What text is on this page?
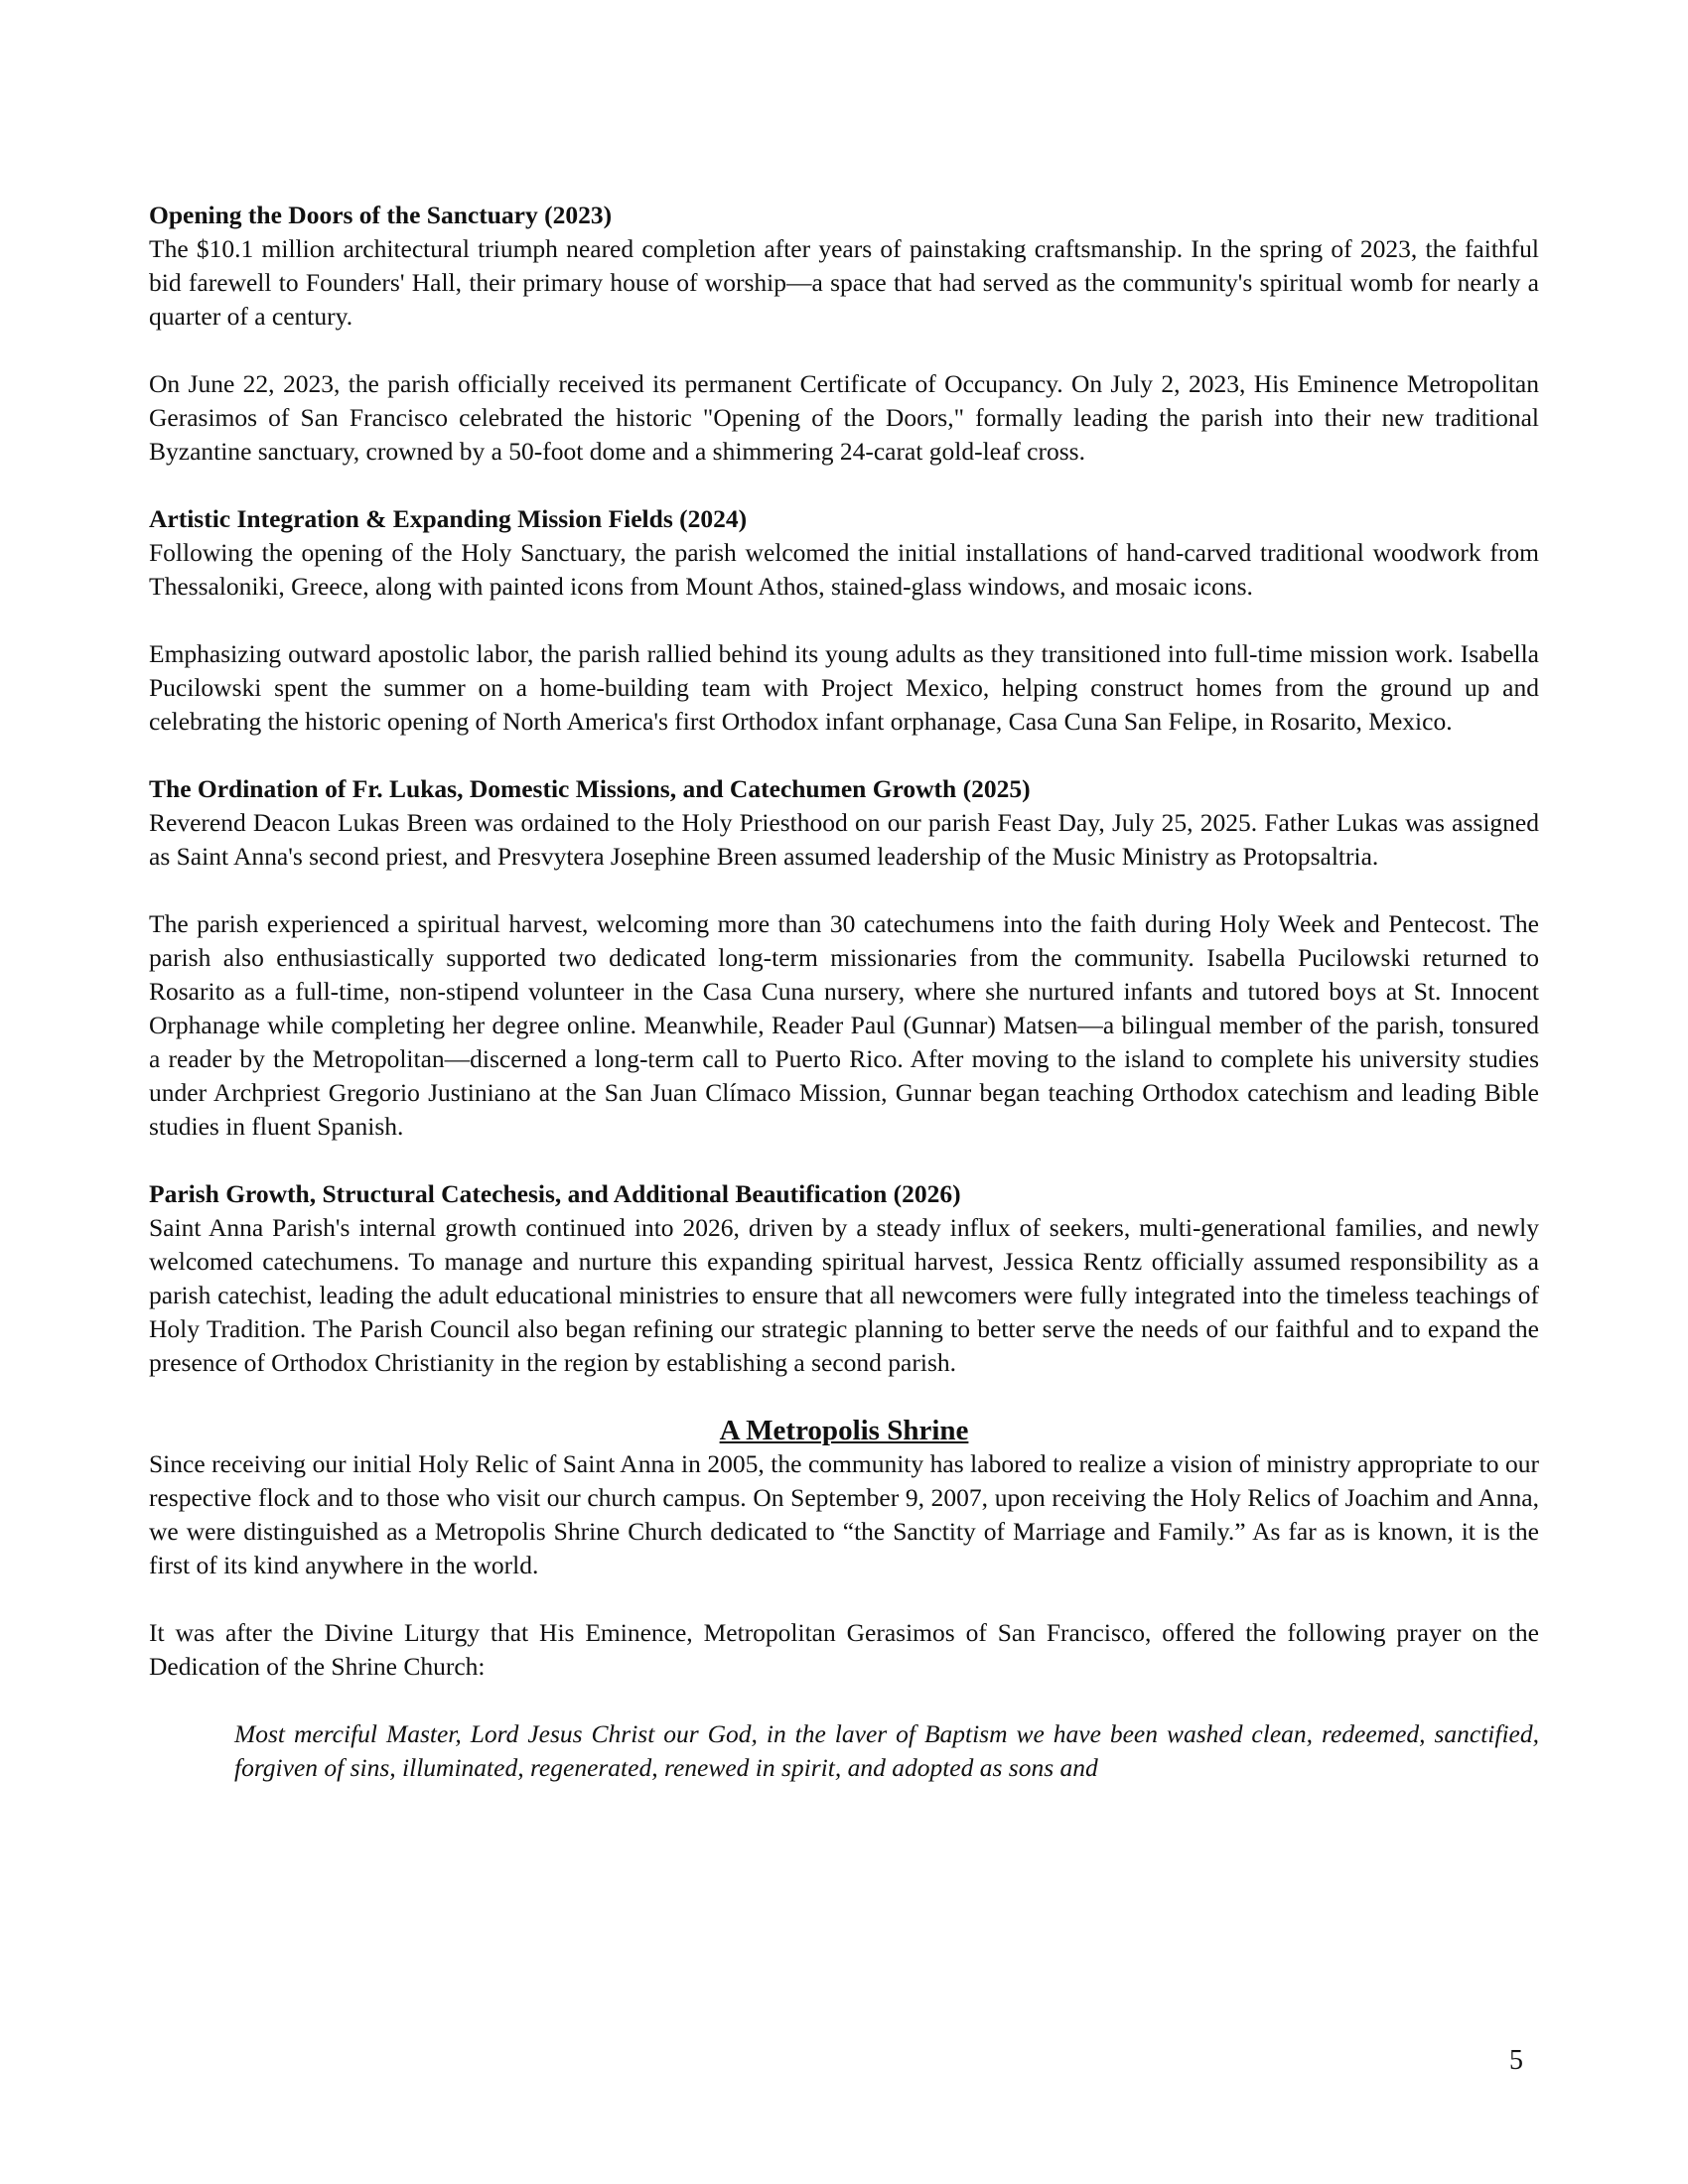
Opening the Doors of the Sanctuary (2023)

The $10.1 million architectural triumph neared completion after years of painstaking craftsmanship. In the spring of 2023, the faithful bid farewell to Founders' Hall, their primary house of worship—a space that had served as the community's spiritual womb for nearly a quarter of a century.

On June 22, 2023, the parish officially received its permanent Certificate of Occupancy. On July 2, 2023, His Eminence Metropolitan Gerasimos of San Francisco celebrated the historic "Opening of the Doors," formally leading the parish into their new traditional Byzantine sanctuary, crowned by a 50-foot dome and a shimmering 24-carat gold-leaf cross.

Artistic Integration & Expanding Mission Fields (2024)

Following the opening of the Holy Sanctuary, the parish welcomed the initial installations of hand-carved traditional woodwork from Thessaloniki, Greece, along with painted icons from Mount Athos, stained-glass windows, and mosaic icons.

Emphasizing outward apostolic labor, the parish rallied behind its young adults as they transitioned into full-time mission work. Isabella Pucilowski spent the summer on a home-building team with Project Mexico, helping construct homes from the ground up and celebrating the historic opening of North America's first Orthodox infant orphanage, Casa Cuna San Felipe, in Rosarito, Mexico.

The Ordination of Fr. Lukas, Domestic Missions, and Catechumen Growth (2025)

Reverend Deacon Lukas Breen was ordained to the Holy Priesthood on our parish Feast Day, July 25, 2025. Father Lukas was assigned as Saint Anna's second priest, and Presvytera Josephine Breen assumed leadership of the Music Ministry as Protopsaltria.

The parish experienced a spiritual harvest, welcoming more than 30 catechumens into the faith during Holy Week and Pentecost. The parish also enthusiastically supported two dedicated long-term missionaries from the community. Isabella Pucilowski returned to Rosarito as a full-time, non-stipend volunteer in the Casa Cuna nursery, where she nurtured infants and tutored boys at St. Innocent Orphanage while completing her degree online. Meanwhile, Reader Paul (Gunnar) Matsen—a bilingual member of the parish, tonsured a reader by the Metropolitan—discerned a long-term call to Puerto Rico. After moving to the island to complete his university studies under Archpriest Gregorio Justiniano at the San Juan Clímaco Mission, Gunnar began teaching Orthodox catechism and leading Bible studies in fluent Spanish.

Parish Growth, Structural Catechesis, and Additional Beautification (2026)

Saint Anna Parish's internal growth continued into 2026, driven by a steady influx of seekers, multi-generational families, and newly welcomed catechumens. To manage and nurture this expanding spiritual harvest, Jessica Rentz officially assumed responsibility as a parish catechist, leading the adult educational ministries to ensure that all newcomers were fully integrated into the timeless teachings of Holy Tradition. The Parish Council also began refining our strategic planning to better serve the needs of our faithful and to expand the presence of Orthodox Christianity in the region by establishing a second parish.

A Metropolis Shrine

Since receiving our initial Holy Relic of Saint Anna in 2005, the community has labored to realize a vision of ministry appropriate to our respective flock and to those who visit our church campus. On September 9, 2007, upon receiving the Holy Relics of Joachim and Anna, we were distinguished as a Metropolis Shrine Church dedicated to “the Sanctity of Marriage and Family.” As far as is known, it is the first of its kind anywhere in the world.

It was after the Divine Liturgy that His Eminence, Metropolitan Gerasimos of San Francisco, offered the following prayer on the Dedication of the Shrine Church:

Most merciful Master, Lord Jesus Christ our God, in the laver of Baptism we have been washed clean, redeemed, sanctified, forgiven of sins, illuminated, regenerated, renewed in spirit, and adopted as sons and

5
